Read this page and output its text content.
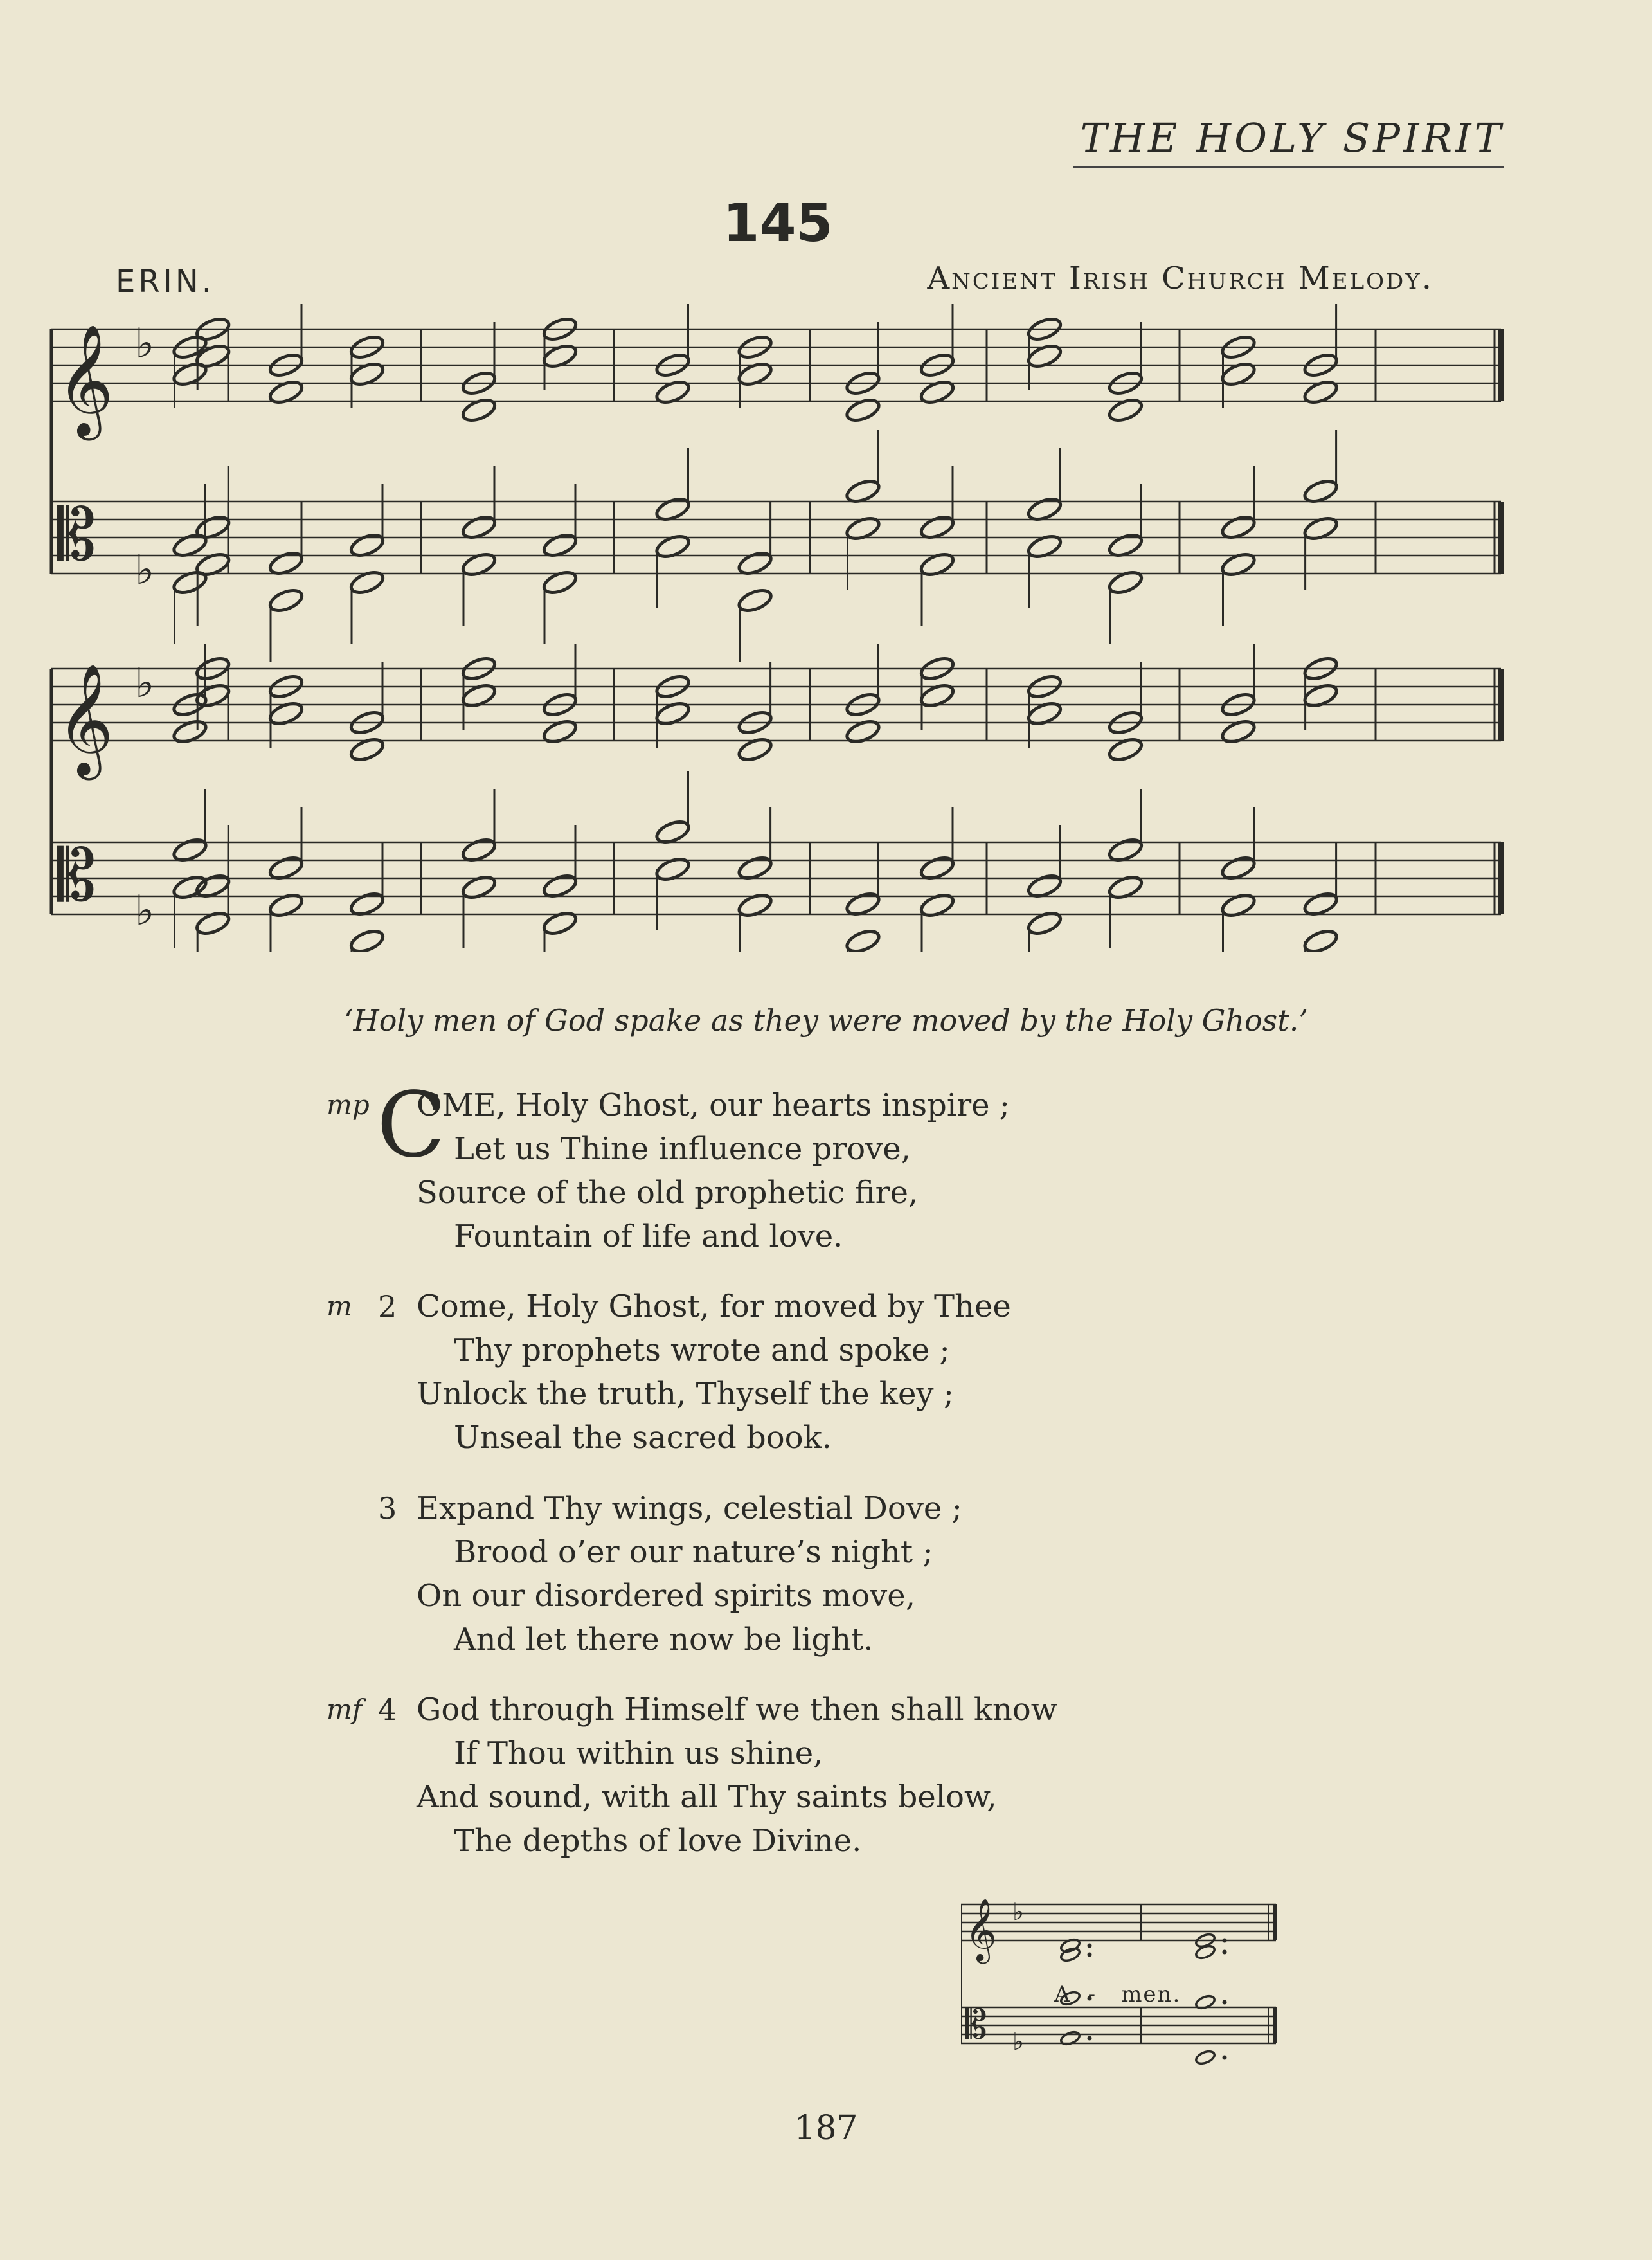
THE HOLY SPIRIT
145
ERIN.	Ancient Irish Church Melody.
𝄞
𝄡
♭
♭
𝄞
𝄡
♭
♭
‘Holy men of God spake as they were moved by the Holy Ghost.’
mp C
OME, Holy Ghost, our hearts inspire ;
Let us Thine influence prove,
Source of the old prophetic fire,
Fountain of life and love.
m 2 Come, Holy Ghost, for moved by Thee
Thy prophets wrote and spoke ;
Unlock the truth, Thyself the key ;
Unseal the sacred book.
3 Expand Thy wings, celestial Dove ;
Brood o’er our nature’s night ;
On our disordered spirits move,
And let there now be light.
mf 4 God through Himself we then shall know
If Thou within us shine,
And sound, with all Thy saints below,
The depths of love Divine.
𝄞
𝄡
♭
♭
A - men.
187
